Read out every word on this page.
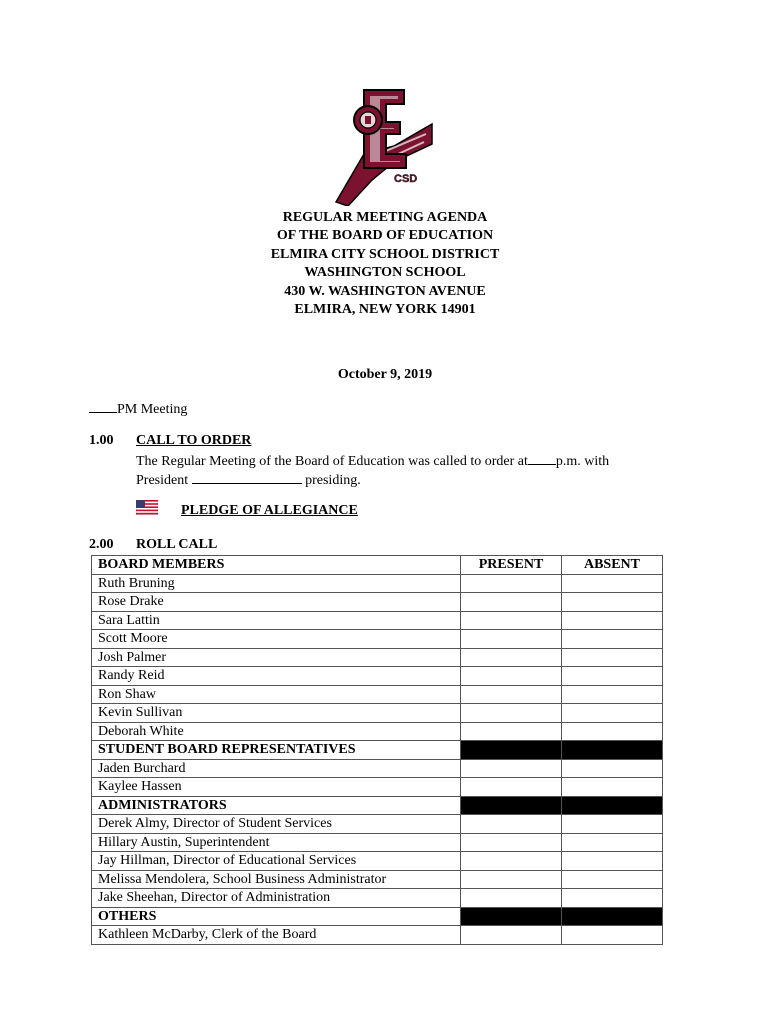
CSD
REGULAR MEETING AGENDA
OF THE BOARD OF EDUCATION
ELMIRA CITY SCHOOL DISTRICT
WASHINGTON SCHOOL
430 W. WASHINGTON AVENUE
ELMIRA, NEW YORK 14901
October 9, 2019
PM Meeting
1.00 CALL TO ORDER
The Regular Meeting of the Board of Education was called to order at p.m. with
President	presiding.
PLEDGE OF ALLEGIANCE
2.00 ROLL CALL
BOARD MEMBERS	PRESENT	ABSENT
Ruth Bruning		
Rose Drake		
Sara Lattin		
Scott Moore		
Josh Palmer		
Randy Reid		
Ron Shaw		
Kevin Sullivan		
Deborah White		
STUDENT BOARD REPRESENTATIVES		
Jaden Burchard		
Kaylee Hassen		
ADMINISTRATORS		
Derek Almy, Director of Student Services		
Hillary Austin, Superintendent		
Jay Hillman, Director of Educational Services		
Melissa Mendolera, School Business Administrator		
Jake Sheehan, Director of Administration		
OTHERS		
Kathleen McDarby, Clerk of the Board		
